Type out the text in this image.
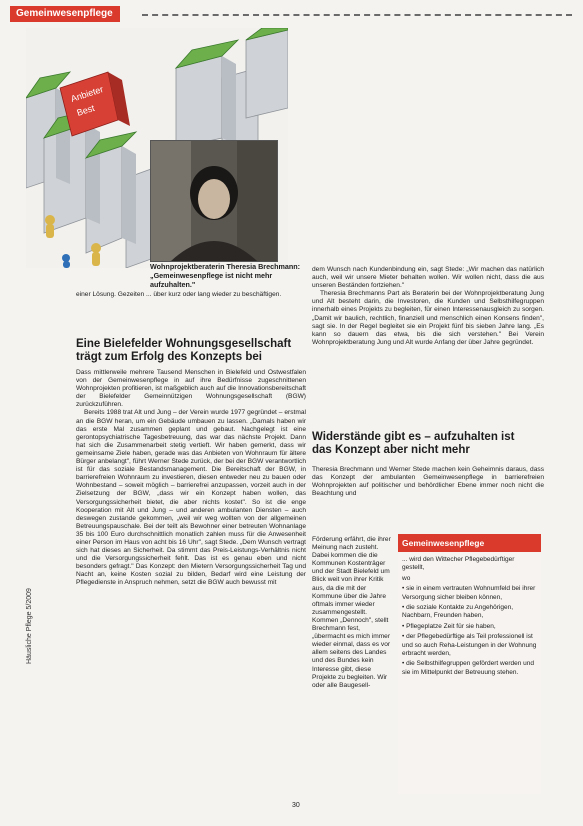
Gemeinwesenpflege
Anbieter
Best
Wohnprojektberaterin Theresia Brechmann:
„Gemeinwesenpflege ist nicht mehr aufzuhalten."

einer Lösung. Gezeiten ... über kurz oder lang wieder zu beschäftigen.

Eine Bielefelder Wohnungsgesellschaft trägt zum Erfolg des Konzepts bei

Dass mittlerweile mehrere Tausend Menschen in Bielefeld und Ostwestfalen von der Gemeinwesenpflege in auf ihre Bedürfnisse zugeschnittenen Wohnprojekten profitieren, ist maßgeblich auch auf die Innovationsbereitschaft der Bielefelder Gemeinnützigen Wohnungsgesellschaft (BGW) zurückzuführen.

Bereits 1988 trat Alt und Jung – der Verein wurde 1977 gegründet – erstmal an die BGW heran, um ein Gebäude umbauen zu lassen. „Damals haben wir das erste Mal zusammen geplant und gebaut. Nachgelegt ist eine gerontopsychiatrische Tagesbetreuung, das war das nächste Projekt. Dann hat sich die Zusammenarbeit stetig vertieft. Wir haben gemerkt, dass wir gemeinsame Ziele haben, gerade was das Anbieten von Wohnraum für ältere Bürger anbelangt", führt Werner Stede zurück, der bei der BGW verantwortlich ist für das soziale Bestandsmanagement. Die Bereitschaft der BGW, in barrierefreien Wohnraum zu investieren, diesen entweder neu zu bauen oder Wohnbestand – soweit möglich – barrierefrei anzupassen, vorzeit auch in der Zielsetzung der BGW, „dass wir ein Konzept haben wollen, das Versorgungssicherheit bietet, die aber nichts kostet". So ist die enge Kooperation mit Alt und Jung – und anderen ambulanten Diensten – auch deswegen zustande gekommen, „weil wir weg wollten von der allgemeinen Betreuungspauschale. Bei der teilt als Bewohner einer betreuten Wohnanlage 35 bis 100 Euro durchschnittlich monatlich zahlen muss für die Anwesenheit einer Person im Haus von acht bis 16 Uhr", sagt Stede. „Dem Wunsch vertragt sich hat dieses an Sicherheit. Da stimmt das Preis-Leistungs-Verhältnis nicht und die Versorgungssicherheit fehlt. Das ist es genau eben und nicht besonders gefragt." Das Konzept: den Mietern Versorgungssicherheit Tag und Nacht an, keine Kosten sozial zu bilden, Bedarf wird eine Leistung der Pflegedienste in Anspruch nehmen, setzt die BGW auch bewusst mit

dem Wunsch nach Kundenbindung ein, sagt Stede: „Wir machen das natürlich auch, weil wir unsere Mieter behalten wollen. Wir wollen nicht, dass die aus unseren Beständen fortziehen."

Theresia Brechmanns Part als Beraterin bei der Wohnprojektberatung Jung und Alt besteht darin, die Investoren, die Kunden und Selbsthilfegruppen innerhalb eines Projekts zu begleiten, für einen Interessenausgleich zu sorgen. „Damit wir baulich, rechtlich, finanziell und menschlich einen Konsens finden", sagt sie. In der Regel begleitet sie ein Projekt fünf bis sieben Jahre lang. „Es kann so dauern das etwa, bis die sich verstehen." Bei Verein Wohnprojektberatung Jung und Alt wurde Anfang der über Jahre gegründet.

Widerstände gibt es – aufzuhalten ist das Konzept aber nicht mehr

Theresia Brechmann und Werner Stede machen kein Geheimnis daraus, dass das Konzept der ambulanten Gemeinwesenpflege in barrierefreien Wohnprojekten auf politischer und behördlicher Ebene immer noch nicht die Beachtung und

Förderung erfährt, die ihrer Meinung nach zusteht. Dabei kommen die die Kommunen Kostenträger und der Stadt Bielefeld um Blick weit von ihrer Kritik aus, da die mit der Kommune über die Jahre oftmals immer wieder zusammengestellt. Kommen „Dennoch", stellt Brechmann fest, „übermacht es mich immer wieder einmal, dass es vor allem seitens des Landes und des Bundes kein Interesse gibt, diese Projekte zu begleiten. Wir oder alle Baugesell-

Gemeinwesenpflege

... wird den Wittecher Pflegebedürftiger gestellt,

wo

• sie in einem vertrauten Wohnumfeld bei ihrer Versorgung sicher bleiben können,

• die soziale Kontakte zu Angehörigen, Nachbarn, Freunden haben,

• Pflegeplatze Zeit für sie haben,

• der Pflegebedürftige als Teil professionell ist und so auch Reha-Leistungen in der Wohnung erbracht werden,

• die Selbsthilfegruppen gefördert werden und sie im Mittelpunkt der Betreuung stehen.

Häusliche Pflege 5/2009
30
